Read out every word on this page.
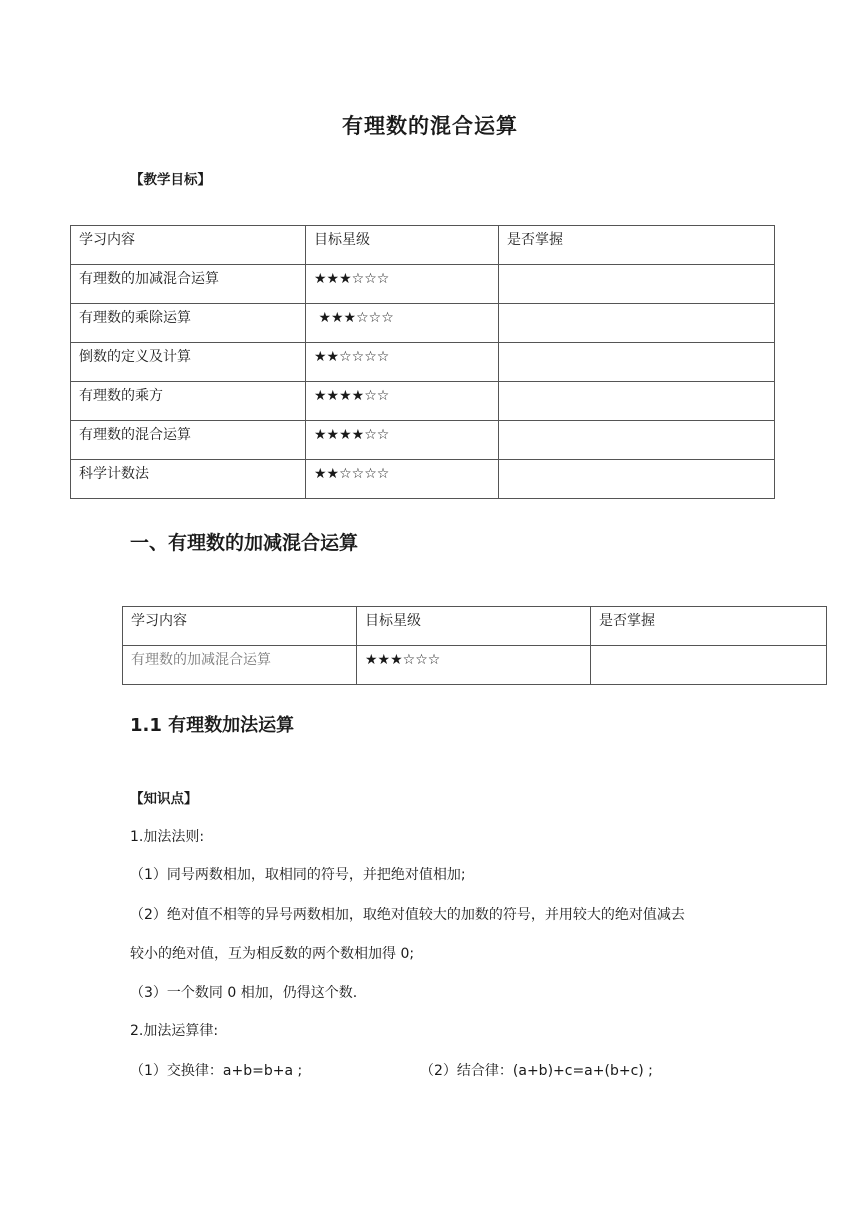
有理数的混合运算
【教学目标】
学习内容	目标星级	是否掌握
有理数的加减混合运算	★★★☆☆☆	
有理数的乘除运算	★★★☆☆☆	
倒数的定义及计算	★★☆☆☆☆	
有理数的乘方	★★★★☆☆	
有理数的混合运算	★★★★☆☆	
科学计数法	★★☆☆☆☆	
一、有理数的加减混合运算
学习内容	目标星级	是否掌握
有理数的加减混合运算	★★★☆☆☆	
1.1 有理数加法运算
【知识点】
1.加法法则:
（1）同号两数相加，取相同的符号，并把绝对值相加;
（2）绝对值不相等的异号两数相加，取绝对值较大的加数的符号，并用较大的绝对值减去
较小的绝对值，互为相反数的两个数相加得 0;
（3）一个数同 0 相加，仍得这个数.
2.加法运算律:
（1）交换律：a+b=b+a ;	（2）结合律：(a+b)+c=a+(b+c) ;
